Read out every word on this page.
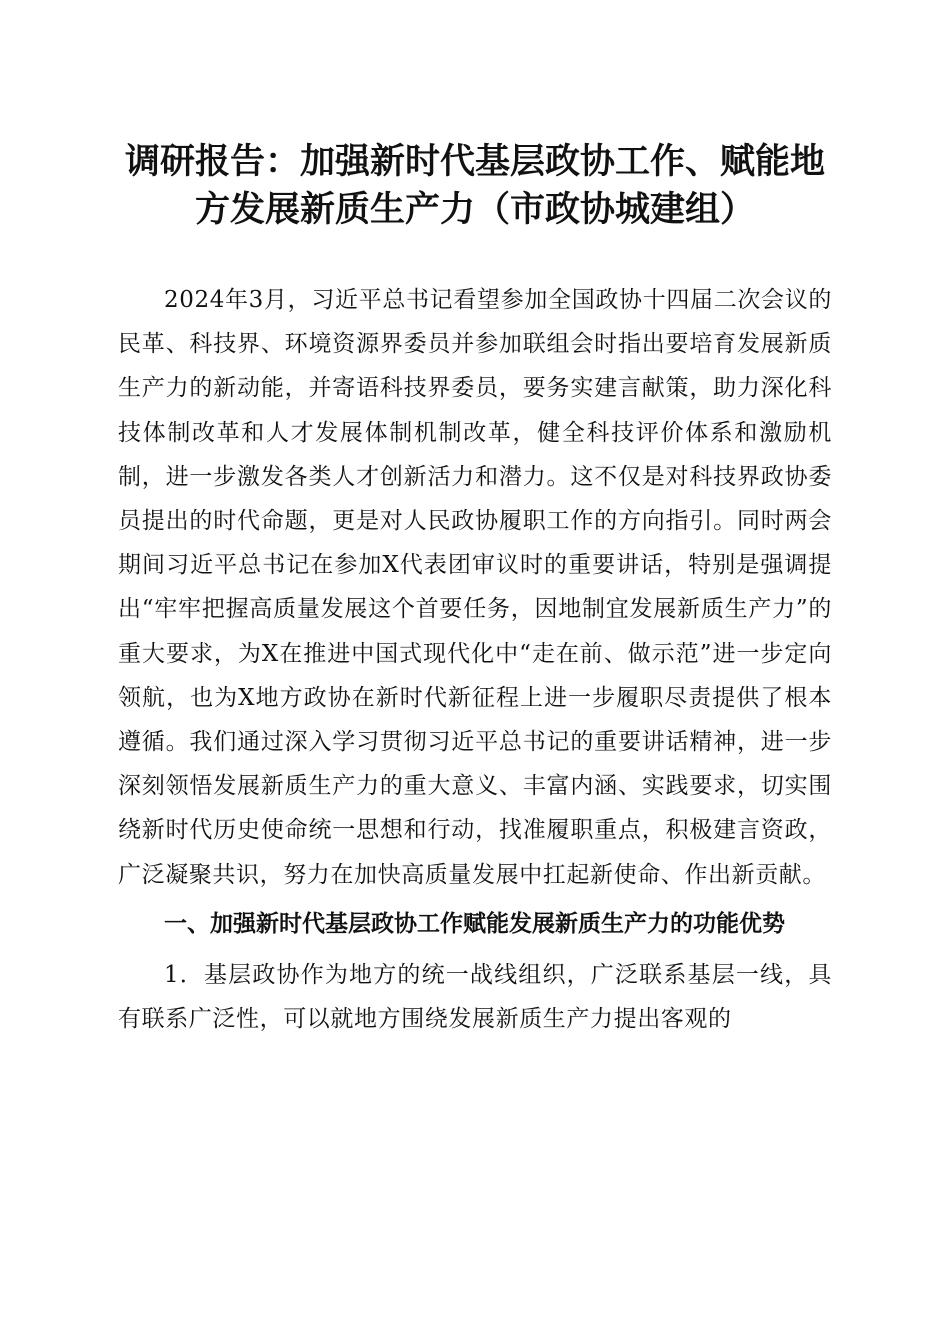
调研报告：加强新时代基层政协工作、赋能地
方发展新质生产力（市政协城建组）

2024年3月，习近平总书记看望参加全国政协十四届二次会议的民革、科技界、环境资源界委员并参加联组会时指出要培育发展新质生产力的新动能，并寄语科技界委员，要务实建言献策，助力深化科技体制改革和人才发展体制机制改革，健全科技评价体系和激励机制，进一步激发各类人才创新活力和潜力。这不仅是对科技界政协委员提出的时代命题，更是对人民政协履职工作的方向指引。同时两会期间习近平总书记在参加X代表团审议时的重要讲话，特别是强调提出“牢牢把握高质量发展这个首要任务，因地制宜发展新质生产力”的重大要求，为X在推进中国式现代化中“走在前、做示范”进一步定向领航，也为X地方政协在新时代新征程上进一步履职尽责提供了根本遵循。我们通过深入学习贯彻习近平总书记的重要讲话精神，进一步深刻领悟发展新质生产力的重大意义、丰富内涵、实践要求，切实围绕新时代历史使命统一思想和行动，找准履职重点，积极建言资政，广泛凝聚共识，努力在加快高质量发展中扛起新使命、作出新贡献。

一、加强新时代基层政协工作赋能发展新质生产力的功能优势

1．基层政协作为地方的统一战线组织，广泛联系基层一线，具有联系广泛性，可以就地方围绕发展新质生产力提出客观的
